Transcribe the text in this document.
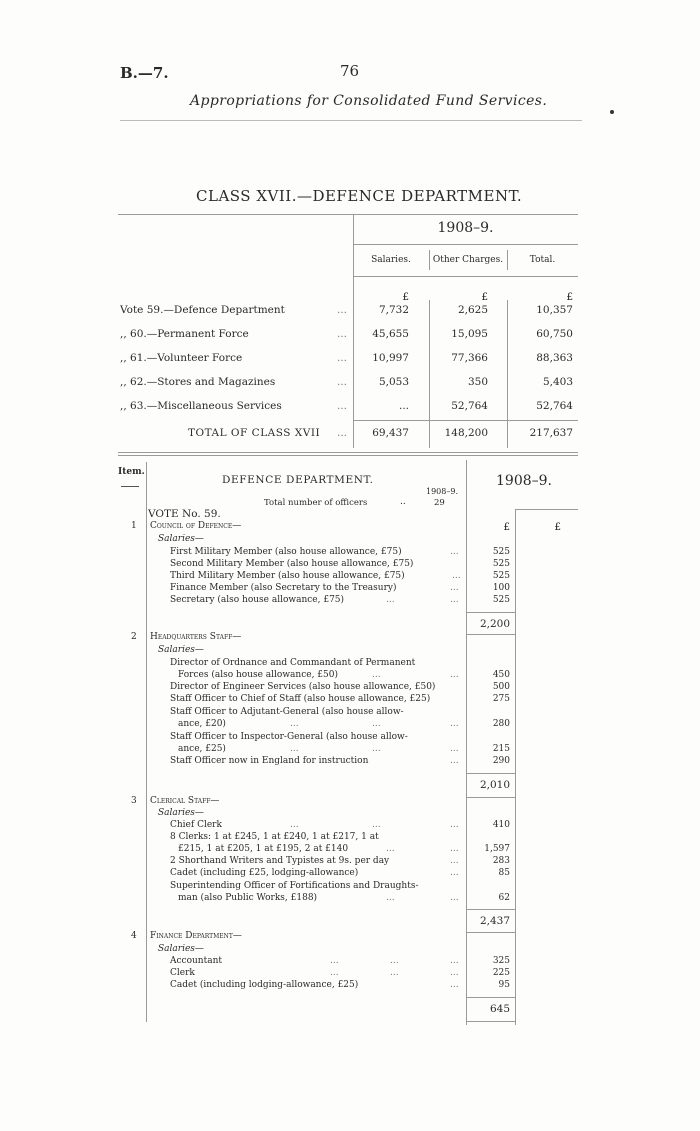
B.—7.	76
Appropriations for Consolidated Fund Services.
CLASS XVII.—DEFENCE DEPARTMENT.
1908–9.
Salaries.	Other Charges.	Total.
£	£	£
Vote 59.—Defence Department	...	7,732	2,625	10,357
,, 60.—Permanent Force	...	45,655	15,095	60,750
,, 61.—Volunteer Force	...	10,997	77,366	88,363
,, 62.—Stores and Magazines	...	5,053	350	5,403
,, 63.—Miscellaneous Services	...	...	52,764	52,764
TOTAL OF CLASS XVII ...	69,437	148,200	217,637
Item.
DEFENCE DEPARTMENT.	1908–9.
1908–9.
Total number of officers	..	29
VOTE No. 59.
£	£
1 Council of Defence—
Salaries—
First Military Member (also house allowance, £75)	...	525
Second Military Member (also house allowance, £75)	525
Third Military Member (also house allowance, £75)	...	525
Finance Member (also Secretary to the Treasury)	...	100
Secretary (also house allowance, £75)	...	...	525
2,200
2 Headquarters Staff—
Salaries—
Director of Ordnance and Commandant of Permanent
Forces (also house allowance, £50)	...	...	450
Director of Engineer Services (also house allowance, £50)	500
Staff Officer to Chief of Staff (also house allowance, £25)	275
Staff Officer to Adjutant-General (also house allow-
ance, £20)	...	...	...	280
Staff Officer to Inspector-General (also house allow-
ance, £25)	...	...	...	215
Staff Officer now in England for instruction	...	290
2,010
3 Clerical Staff—
Salaries—
Chief Clerk	...	...	...	410
8 Clerks: 1 at £245, 1 at £240, 1 at £217, 1 at
£215, 1 at £205, 1 at £195, 2 at £140	...	...	1,597
2 Shorthand Writers and Typistes at 9s. per day	...	283
Cadet (including £25, lodging-allowance)	...	85
Superintending Officer of Fortifications and Draughts-
man (also Public Works, £188)	...	...	62
2,437
4 Finance Department—
Salaries—
Accountant	...	...	...	325
Clerk	...	...	...	225
Cadet (including lodging-allowance, £25)	...	95
645
